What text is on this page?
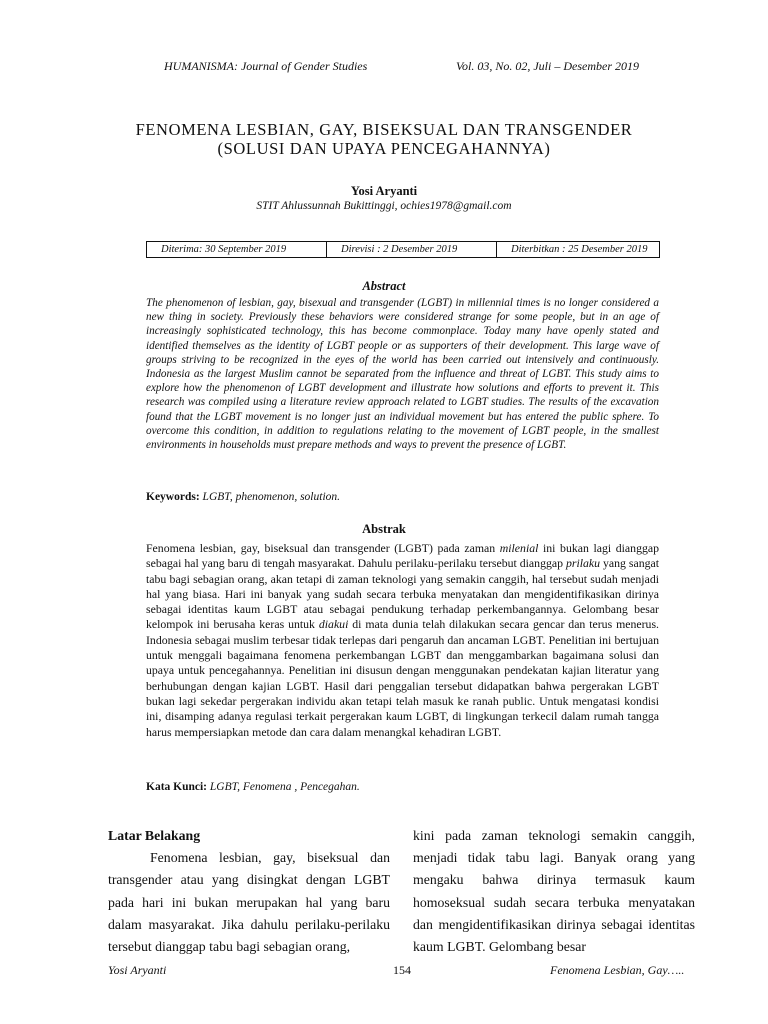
HUMANISMA: Journal of Gender Studies	Vol. 03, No. 02, Juli – Desember 2019
FENOMENA LESBIAN, GAY, BISEKSUAL DAN TRANSGENDER
(SOLUSI DAN UPAYA PENCEGAHANNYA)
Yosi Aryanti
STIT Ahlussunnah Bukittinggi, ochies1978@gmail.com
Diterima: 30 September 2019	Direvisi : 2 Desember 2019	Diterbitkan : 25 Desember 2019
Abstract
The phenomenon of lesbian, gay, bisexual and transgender (LGBT) in millennial times is no longer considered a new thing in society. Previously these behaviors were considered strange for some people, but in an age of increasingly sophisticated technology, this has become commonplace. Today many have openly stated and identified themselves as the identity of LGBT people or as supporters of their development. This large wave of groups striving to be recognized in the eyes of the world has been carried out intensively and continuously. Indonesia as the largest Muslim cannot be separated from the influence and threat of LGBT. This study aims to explore how the phenomenon of LGBT development and illustrate how solutions and efforts to prevent it. This research was compiled using a literature review approach related to LGBT studies. The results of the excavation found that the LGBT movement is no longer just an individual movement but has entered the public sphere. To overcome this condition, in addition to regulations relating to the movement of LGBT people, in the smallest environments in households must prepare methods and ways to prevent the presence of LGBT.
Keywords: LGBT, phenomenon, solution.
Abstrak
Fenomena lesbian, gay, biseksual dan transgender (LGBT) pada zaman milenial ini bukan lagi dianggap sebagai hal yang baru di tengah masyarakat. Dahulu perilaku-perilaku tersebut dianggap prilaku yang sangat tabu bagi sebagian orang, akan tetapi di zaman teknologi yang semakin canggih, hal tersebut sudah menjadi hal yang biasa. Hari ini banyak yang sudah secara terbuka menyatakan dan mengidentifikasikan dirinya sebagai identitas kaum LGBT atau sebagai pendukung terhadap perkembangannya. Gelombang besar kelompok ini berusaha keras untuk diakui di mata dunia telah dilakukan secara gencar dan terus menerus. Indonesia sebagai muslim terbesar tidak terlepas dari pengaruh dan ancaman LGBT. Penelitian ini bertujuan untuk menggali bagaimana fenomena perkembangan LGBT dan menggambarkan bagaimana solusi dan upaya untuk pencegahannya. Penelitian ini disusun dengan menggunakan pendekatan kajian literatur yang berhubungan dengan kajian LGBT. Hasil dari penggalian tersebut didapatkan bahwa pergerakan LGBT bukan lagi sekedar pergerakan individu akan tetapi telah masuk ke ranah public. Untuk mengatasi kondisi ini, disamping adanya regulasi terkait pergerakan kaum LGBT, di lingkungan terkecil dalam rumah tangga harus mempersiapkan metode dan cara dalam menangkal kehadiran LGBT.
Kata Kunci: LGBT, Fenomena , Pencegahan.
Latar Belakang
Fenomena lesbian, gay, biseksual dan transgender atau yang disingkat dengan LGBT pada hari ini bukan merupakan hal yang baru dalam masyarakat. Jika dahulu perilaku-perilaku tersebut dianggap tabu bagi sebagian orang,
kini pada zaman teknologi semakin canggih, menjadi tidak tabu lagi. Banyak orang yang mengaku bahwa dirinya termasuk kaum homoseksual sudah secara terbuka menyatakan dan mengidentifikasikan dirinya sebagai identitas kaum LGBT. Gelombang besar
Yosi Aryanti	154	Fenomena Lesbian, Gay…..
